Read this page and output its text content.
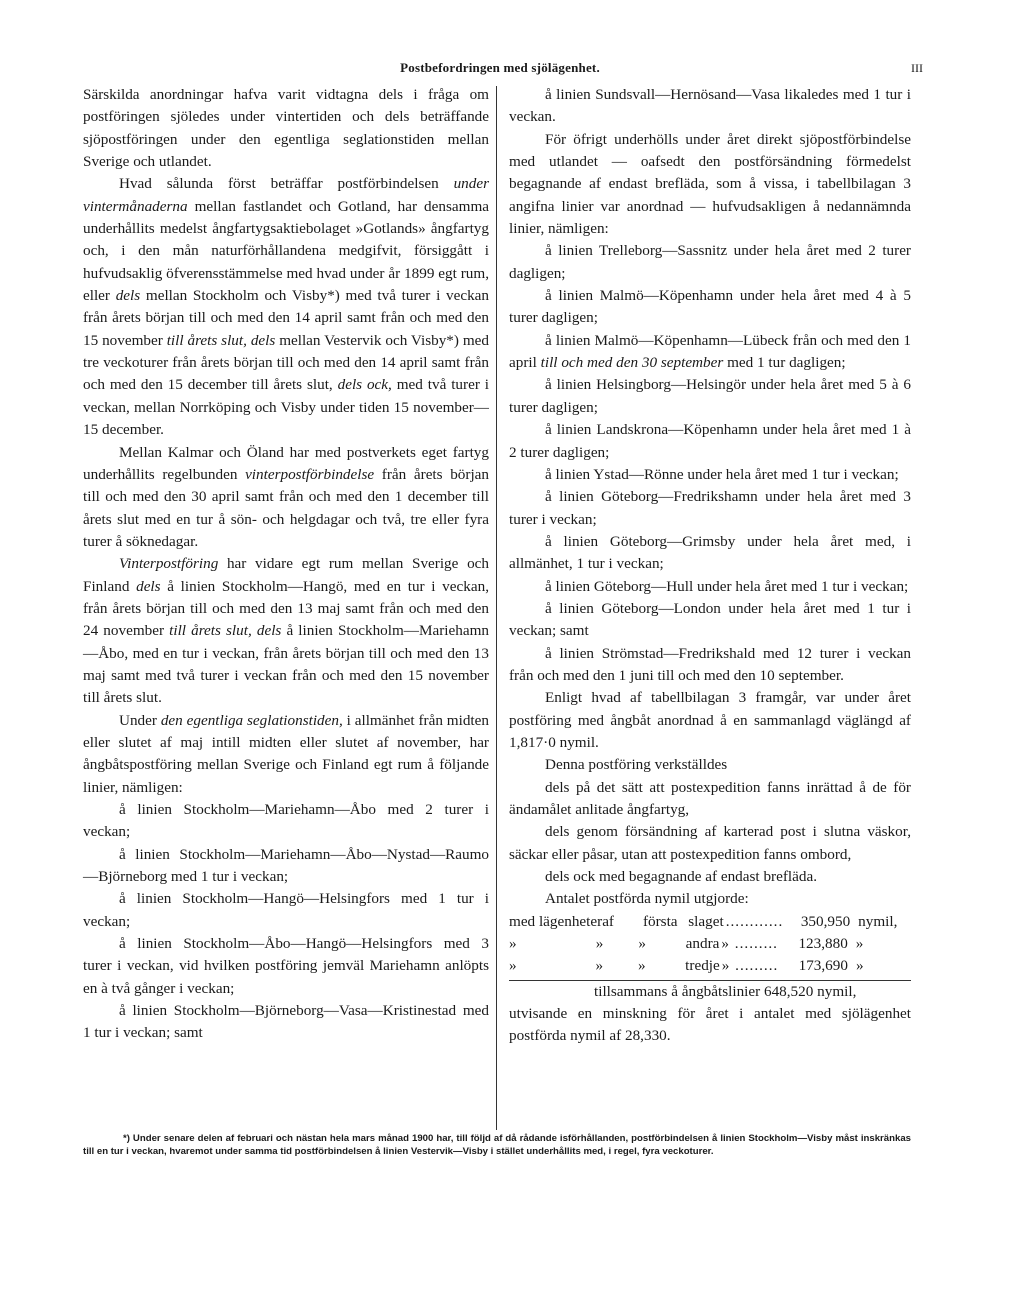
Postbefordringen med sjölägenhet.	III

Särskilda anordningar hafva varit vidtagna dels i fråga om postföringen sjöledes under vintertiden och dels beträffande sjöpostföringen under den egentliga seglationstiden mellan Sverige och utlandet.

Hvad sålunda först beträffar postförbindelsen under vintermånaderna mellan fastlandet och Gotland, har densamma underhållits medelst ångfartygsaktiebolaget »Gotlands» ångfartyg och, i den mån naturförhållandena medgifvit, försiggått i hufvudsaklig öfverensstämmelse med hvad under år 1899 egt rum, eller dels mellan Stockholm och Visby*) med två turer i veckan från årets början till och med den 14 april samt från och med den 15 november till årets slut, dels mellan Vestervik och Visby*) med tre veckoturer från årets början till och med den 14 april samt från och med den 15 december till årets slut, dels ock, med två turer i veckan, mellan Norrköping och Visby under tiden 15 november—15 december.

Mellan Kalmar och Öland har med postverkets eget fartyg underhållits regelbunden vinterpostförbindelse från årets början till och med den 30 april samt från och med den 1 december till årets slut med en tur å sön- och helgdagar och två, tre eller fyra turer å söknedagar.

Vinterpostföring har vidare egt rum mellan Sverige och Finland dels å linien Stockholm—Hangö, med en tur i veckan, från årets början till och med den 13 maj samt från och med den 24 november till årets slut, dels å linien Stockholm—Mariehamn—Åbo, med en tur i veckan, från årets början till och med den 13 maj samt med två turer i veckan från och med den 15 november till årets slut.

Under den egentliga seglationstiden, i allmänhet från midten eller slutet af maj intill midten eller slutet af november, har ångbåtspostföring mellan Sverige och Finland egt rum å följande linier, nämligen:

å linien Stockholm—Mariehamn—Åbo med 2 turer i veckan;

å linien Stockholm—Mariehamn—Åbo—Nystad—Raumo—Björneborg med 1 tur i veckan;

å linien Stockholm—Hangö—Helsingfors med 1 tur i veckan;

å linien Stockholm—Åbo—Hangö—Helsingfors med 3 turer i veckan, vid hvilken postföring jemväl Mariehamn anlöpts en à två gånger i veckan;

å linien Stockholm—Björneborg—Vasa—Kristinestad med 1 tur i veckan; samt

å linien Sundsvall—Hernösand—Vasa likaledes med 1 tur i veckan.

För öfrigt underhölls under året direkt sjöpostförbindelse med utlandet — oafsedt den postförsändning förmedelst begagnande af endast brefläda, som å vissa, i tabellbilagan 3 angifna linier var anordnad — hufvudsakligen å nedannämnda linier, nämligen:

å linien Trelleborg—Sassnitz under hela året med 2 turer dagligen;

å linien Malmö—Köpenhamn under hela året med 4 à 5 turer dagligen;

å linien Malmö—Köpenhamn—Lübeck från och med den 1 april till och med den 30 september med 1 tur dagligen;

å linien Helsingborg—Helsingör under hela året med 5 à 6 turer dagligen;

å linien Landskrona—Köpenhamn under hela året med 1 à 2 turer dagligen;

å linien Ystad—Rönne under hela året med 1 tur i veckan;

å linien Göteborg—Fredrikshamn under hela året med 3 turer i veckan;

å linien Göteborg—Grimsby under hela året med, i allmänhet, 1 tur i veckan;

å linien Göteborg—Hull under hela året med 1 tur i veckan;

å linien Göteborg—London under hela året med 1 tur i veckan; samt

å linien Strömstad—Fredrikshald med 12 turer i veckan från och med den 1 juni till och med den 10 september.

Enligt hvad af tabellbilagan 3 framgår, var under året postföring med ångbåt anordnad å en sammanlagd väglängd af 1,817·0 nymil.

Denna postföring verkställdes

dels på det sätt att postexpedition fanns inrättad å de för ändamålet anlitade ångfartyg,

dels genom försändning af karterad post i slutna väskor, säckar eller påsar, utan att postexpedition fanns ombord,

dels ock med begagnande af endast brefläda.

Antalet postförda nymil utgjorde:

med lägenheter af	första slaget ............	350,950 nymil,
»	»	»	andra » .........	123,880 »
»	»	»	tredje » .........	173,690 »
tillsammans å ångbåtslinier 648,520 nymil,

utvisande en minskning för året i antalet med sjölägenhet postförda nymil af 28,330.

*) Under senare delen af februari och nästan hela mars månad 1900 har, till följd af då rådande isförhållanden, postförbindelsen å linien Stockholm—Visby måst inskränkas till en tur i veckan, hvaremot under samma tid postförbindelsen å linien Vestervik—Visby i stället underhållits med, i regel, fyra veckoturer.
